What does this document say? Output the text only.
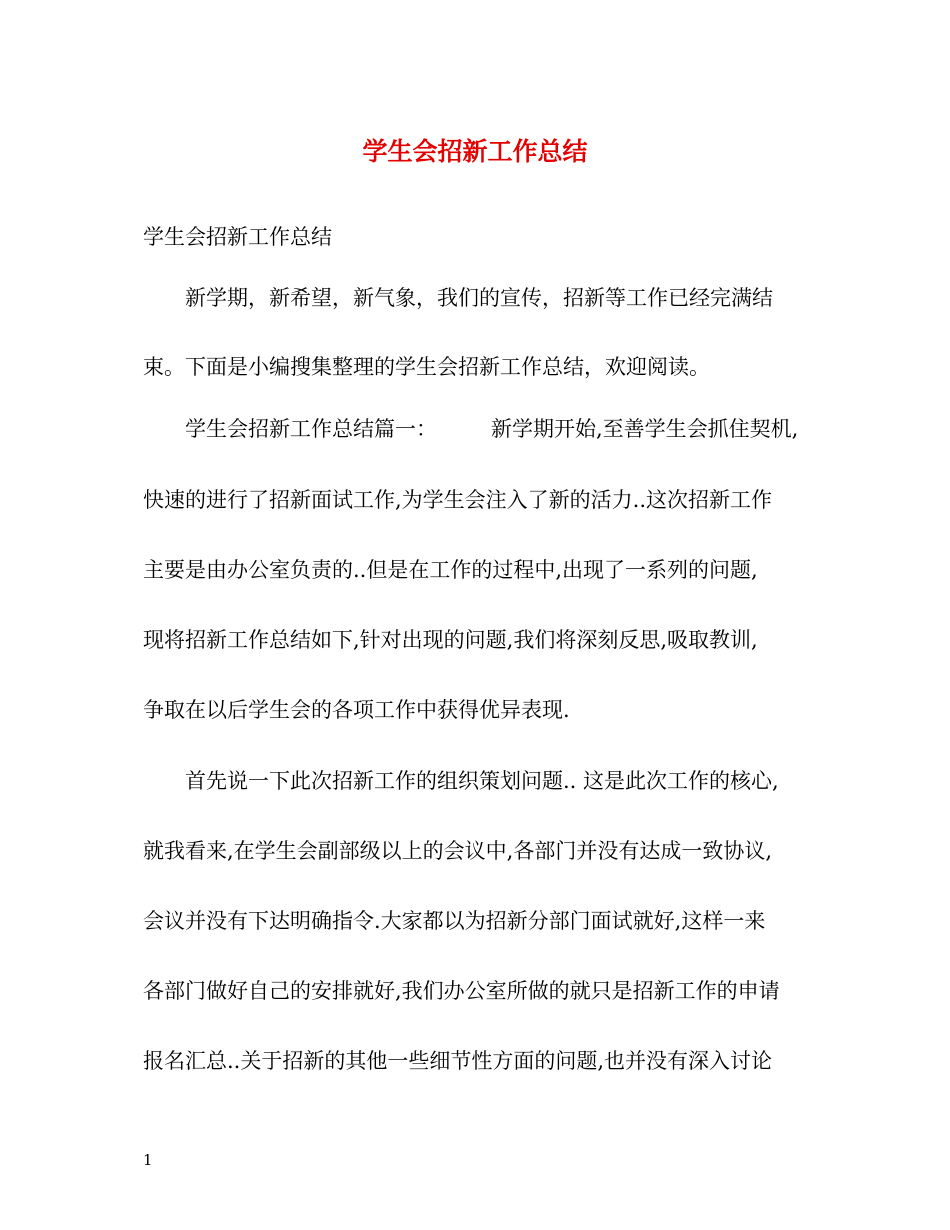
学生会招新工作总结
学生会招新工作总结
新学期，新希望，新气象，我们的宣传，招新等工作已经完满结
束。下面是小编搜集整理的学生会招新工作总结，欢迎阅读。
学生会招新工作总结篇一：	新学期开始,至善学生会抓住契机,
快速的进行了招新面试工作,为学生会注入了新的活力..这次招新工作
主要是由办公室负责的..但是在工作的过程中,出现了一系列的问题,
现将招新工作总结如下,针对出现的问题,我们将深刻反思,吸取教训,
争取在以后学生会的各项工作中获得优异表现.
首先说一下此次招新工作的组织策划问题.. 这是此次工作的核心,
就我看来,在学生会副部级以上的会议中,各部门并没有达成一致协议,
会议并没有下达明确指令.大家都以为招新分部门面试就好,这样一来
各部门做好自己的安排就好,我们办公室所做的就只是招新工作的申请
报名汇总..关于招新的其他一些细节性方面的问题,也并没有深入讨论
1
